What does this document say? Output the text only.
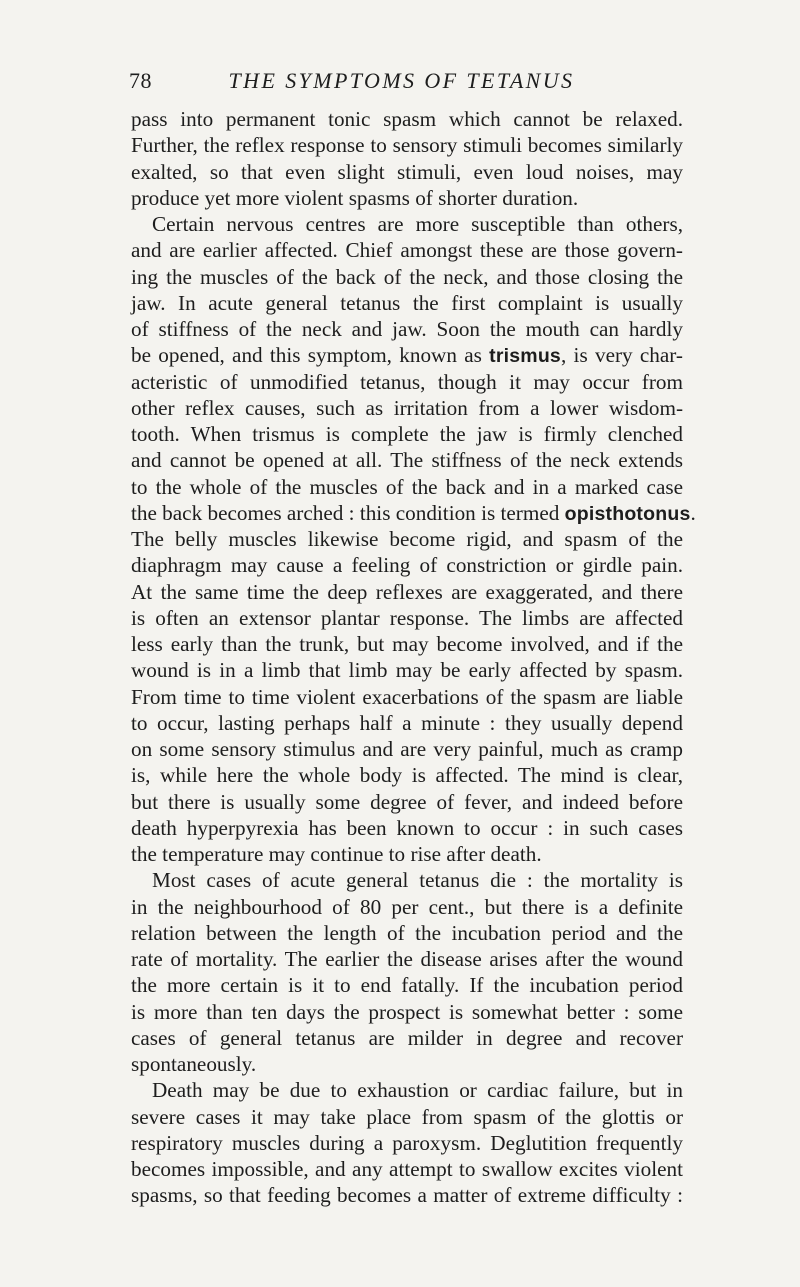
78	THE SYMPTOMS OF TETANUS
pass into permanent tonic spasm which cannot be relaxed.
Further, the reflex response to sensory stimuli becomes similarly
exalted, so that even slight stimuli, even loud noises, may
produce yet more violent spasms of shorter duration.
Certain nervous centres are more susceptible than others,
and are earlier affected. Chief amongst these are those govern-
ing the muscles of the back of the neck, and those closing the
jaw. In acute general tetanus the first complaint is usually
of stiffness of the neck and jaw. Soon the mouth can hardly
be opened, and this symptom, known as trismus, is very char-
acteristic of unmodified tetanus, though it may occur from
other reflex causes, such as irritation from a lower wisdom-
tooth. When trismus is complete the jaw is firmly clenched
and cannot be opened at all. The stiffness of the neck extends
to the whole of the muscles of the back and in a marked case
the back becomes arched : this condition is termed opisthotonus.
The belly muscles likewise become rigid, and spasm of the
diaphragm may cause a feeling of constriction or girdle pain.
At the same time the deep reflexes are exaggerated, and there
is often an extensor plantar response. The limbs are affected
less early than the trunk, but may become involved, and if the
wound is in a limb that limb may be early affected by spasm.
From time to time violent exacerbations of the spasm are liable
to occur, lasting perhaps half a minute : they usually depend
on some sensory stimulus and are very painful, much as cramp
is, while here the whole body is affected. The mind is clear,
but there is usually some degree of fever, and indeed before
death hyperpyrexia has been known to occur : in such cases
the temperature may continue to rise after death.
Most cases of acute general tetanus die : the mortality is
in the neighbourhood of 80 per cent., but there is a definite
relation between the length of the incubation period and the
rate of mortality. The earlier the disease arises after the wound
the more certain is it to end fatally. If the incubation period
is more than ten days the prospect is somewhat better : some
cases of general tetanus are milder in degree and recover
spontaneously.
Death may be due to exhaustion or cardiac failure, but in
severe cases it may take place from spasm of the glottis or
respiratory muscles during a paroxysm. Deglutition frequently
becomes impossible, and any attempt to swallow excites violent
spasms, so that feeding becomes a matter of extreme difficulty :
